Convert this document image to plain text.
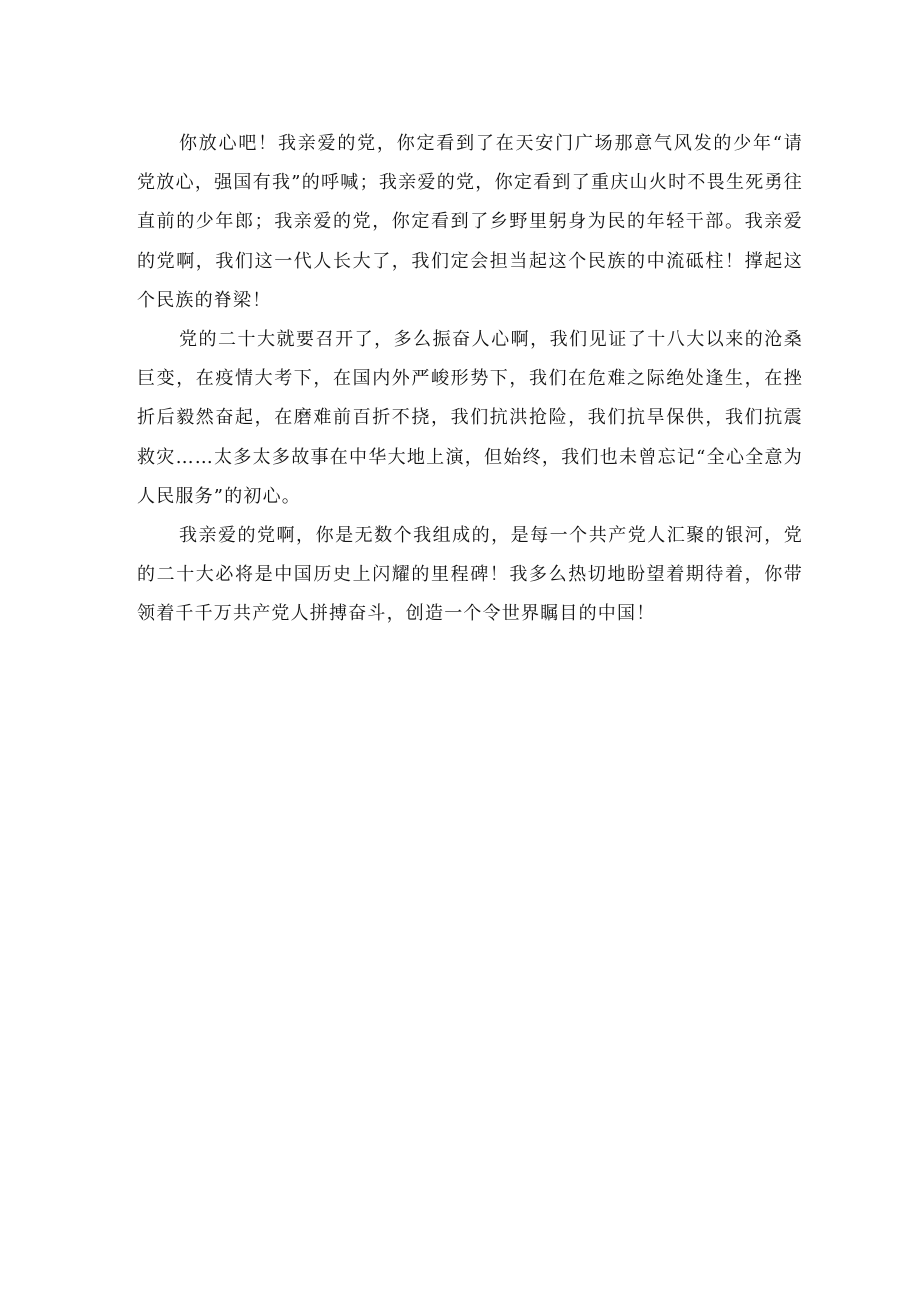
你放心吧！我亲爱的党，你定看到了在天安门广场那意气风发的少年“请党放心，强国有我”的呼喊；我亲爱的党，你定看到了重庆山火时不畏生死勇往直前的少年郎；我亲爱的党，你定看到了乡野里躬身为民的年轻干部。我亲爱的党啊，我们这一代人长大了，我们定会担当起这个民族的中流砥柱！撑起这个民族的脊梁！

党的二十大就要召开了，多么振奋人心啊，我们见证了十八大以来的沧桑巨变，在疫情大考下，在国内外严峻形势下，我们在危难之际绝处逢生，在挫折后毅然奋起，在磨难前百折不挠，我们抗洪抢险，我们抗旱保供，我们抗震救灾……太多太多故事在中华大地上演，但始终，我们也未曾忘记“全心全意为人民服务”的初心。

我亲爱的党啊，你是无数个我组成的，是每一个共产党人汇聚的银河，党的二十大必将是中国历史上闪耀的里程碑！我多么热切地盼望着期待着，你带领着千千万共产党人拼搏奋斗，创造一个令世界瞩目的中国！
